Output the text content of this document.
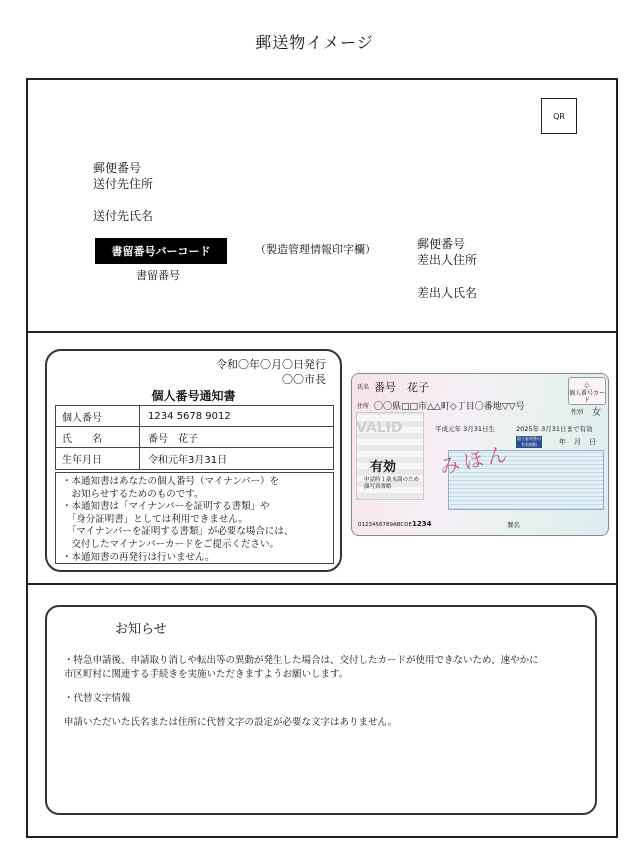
郵送物イメージ
QR
郵便番号
送付先住所
送付先氏名
書留番号バーコード
書留番号
（製造管理情報印字欄）	郵便番号
差出人住所
差出人氏名
令和〇年〇月〇日発行
〇〇市長
個人番号通知書
個人番号	1234 5678 9012
氏　　名	番号　花子
生年月日	令和元年3月31日
・本通知書はあなたの個人番号（マイナンバー）を
　お知らせするためのものです。
・本通知書は「マイナンバーを証明する書類」や
　「身分証明書」としては利用できません。
　「マイナンバーを証明する書類」が必要な場合には、
　交付したマイナンバーカードをご提示ください。
・本通知書の再発行は行いません。
氏名 番号　花子
住所 〇〇県□□市△△町◇丁目〇番地▽▽号
♧
個人番号カード
性別 女
VALID
有効
申請時１歳未満のため顔写真省略
平成元年 3月31日生	2025年 3月31日まで有効
電子証明書の有効期限	年月日
みほん
0123456789ABCDE 1234	署名
お知らせ
・特急申請後、申請取り消しや転出等の異動が発生した場合は、交付したカードが使用できないため、速やかに
市区町村に関連する手続きを実施いただきますようお願いします。
・代替文字情報
申請いただいた氏名または住所に代替文字の設定が必要な文字はありません。
